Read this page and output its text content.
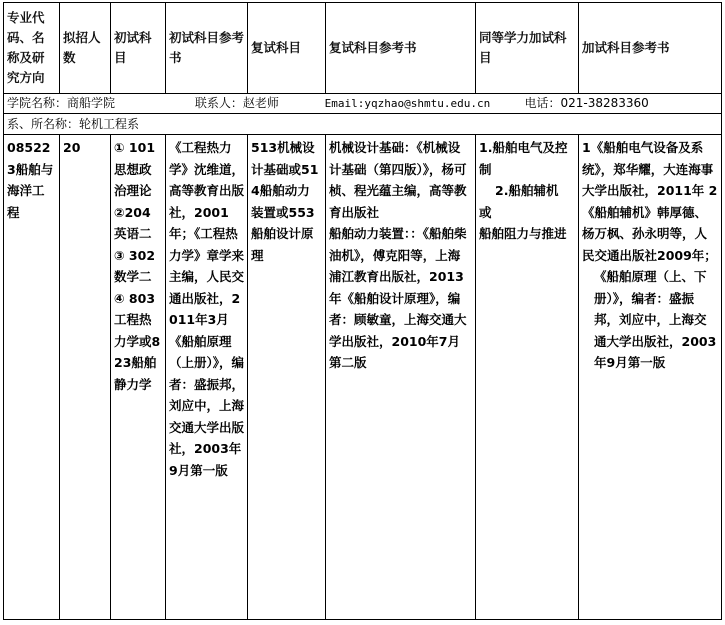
专业代码、名称及研究方向	拟招人数	初试科目	初试科目参考书	复试科目	复试科目参考书	同等学力加试科目	加试科目参考书
学院名称：商船学院 联系人：赵老师 Email:yqzhao@shmtu.edu.cn 电话：021-38283360							
系、所名称：轮机工程系							
085223船舶与海洋工程	20	① 101思想政治理论 ②204英语二 ③ 302数学二 ④ 803工程热力学或823船舶静力学	《工程热力学》沈维道，高等教育出版社，2001年；《工程热力学》章学来主编，人民交通出版社，2011年3月 《船舶原理（上册）》，编者：盛振邦，刘应中，上海交通大学出版社，2003年9月第一版	513机械设计基础或514船舶动力装置或553船舶设计原理	机械设计基础：《机械设计基础（第四版）》，杨可桢、程光蕴主编，高等教育出版社
船舶动力装置：：《船舶柴油机》，傅克阳等，上海浦江教育出版社，2013年《船舶设计原理》，编者：顾敏童，上海交通大学出版社，2010年7月第二版	1.船舶电气及控制
2.船舶辅机
或
船舶阻力与推进	1《船舶电气设备及系统》，郑华耀，大连海事大学出版社，2011年 2《船舶辅机》韩厚德、杨万枫、孙永明等，人民交通出版社2009年；
《船舶原理（上、下册）》，编者：盛振邦，刘应中，上海交通大学出版社，2003年9月第一版
